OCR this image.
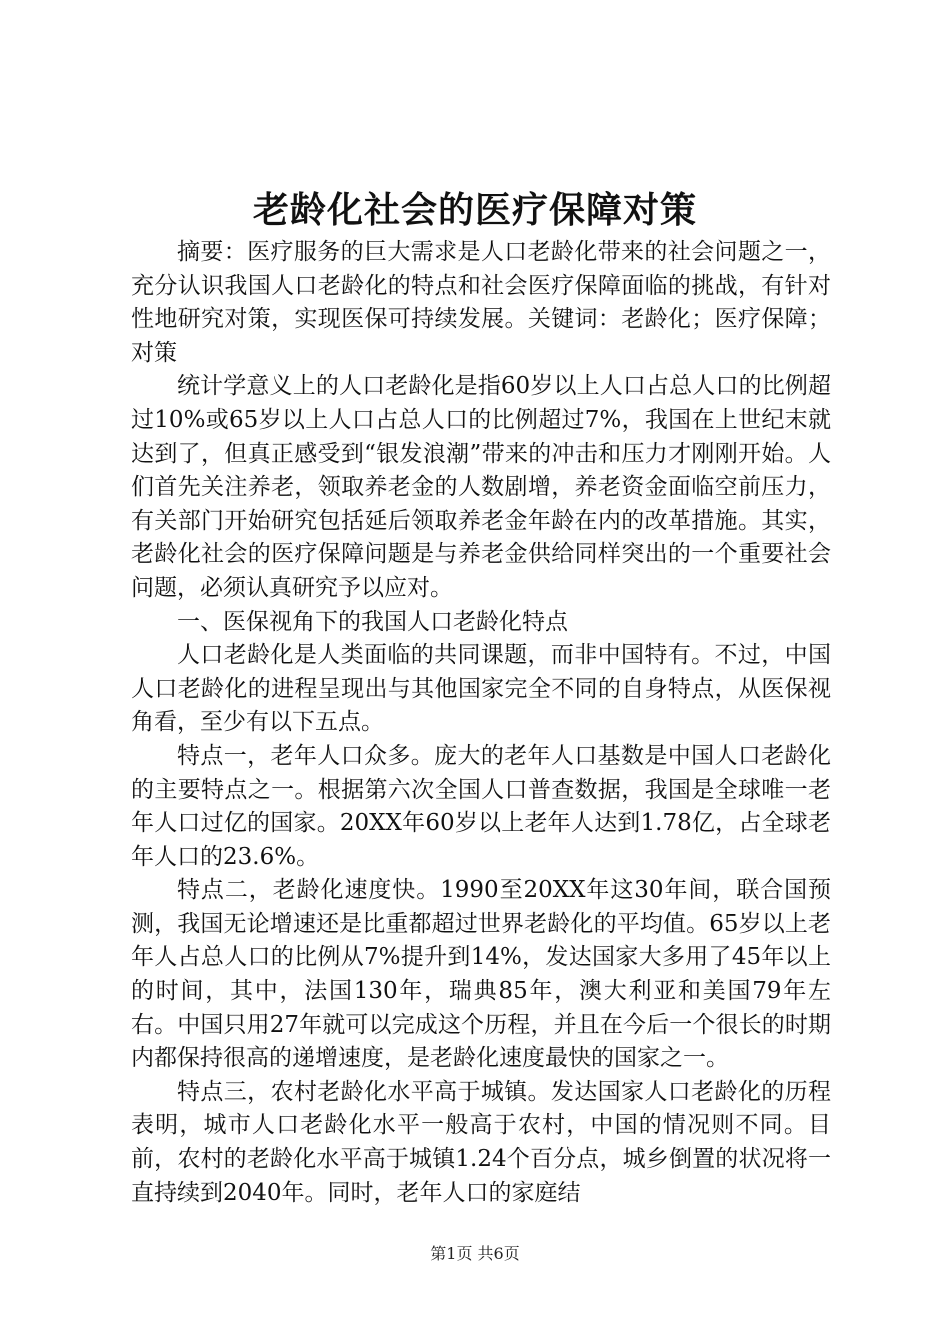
老龄化社会的医疗保障对策

摘要：医疗服务的巨大需求是人口老龄化带来的社会问题之一，充分认识我国人口老龄化的特点和社会医疗保障面临的挑战，有针对性地研究对策，实现医保可持续发展。关键词：老龄化；医疗保障；对策

统计学意义上的人口老龄化是指60岁以上人口占总人口的比例超过10%或65岁以上人口占总人口的比例超过7%，我国在上世纪末就达到了，但真正感受到“银发浪潮”带来的冲击和压力才刚刚开始。人们首先关注养老，领取养老金的人数剧增，养老资金面临空前压力，有关部门开始研究包括延后领取养老金年龄在内的改革措施。其实，老龄化社会的医疗保障问题是与养老金供给同样突出的一个重要社会问题，必须认真研究予以应对。

一、医保视角下的我国人口老龄化特点

人口老龄化是人类面临的共同课题，而非中国特有。不过，中国人口老龄化的进程呈现出与其他国家完全不同的自身特点，从医保视角看，至少有以下五点。

特点一，老年人口众多。庞大的老年人口基数是中国人口老龄化的主要特点之一。根据第六次全国人口普查数据，我国是全球唯一老年人口过亿的国家。20XX年60岁以上老年人达到1.78亿，占全球老年人口的23.6%。

特点二，老龄化速度快。1990至20XX年这30年间，联合国预测，我国无论增速还是比重都超过世界老龄化的平均值。65岁以上老年人占总人口的比例从7%提升到14%，发达国家大多用了45年以上的时间，其中，法国130年，瑞典85年，澳大利亚和美国79年左右。中国只用27年就可以完成这个历程，并且在今后一个很长的时期内都保持很高的递增速度，是老龄化速度最快的国家之一。

特点三，农村老龄化水平高于城镇。发达国家人口老龄化的历程表明，城市人口老龄化水平一般高于农村，中国的情况则不同。目前，农村的老龄化水平高于城镇1.24个百分点，城乡倒置的状况将一直持续到2040年。同时，老年人口的家庭结

第1页 共6页
